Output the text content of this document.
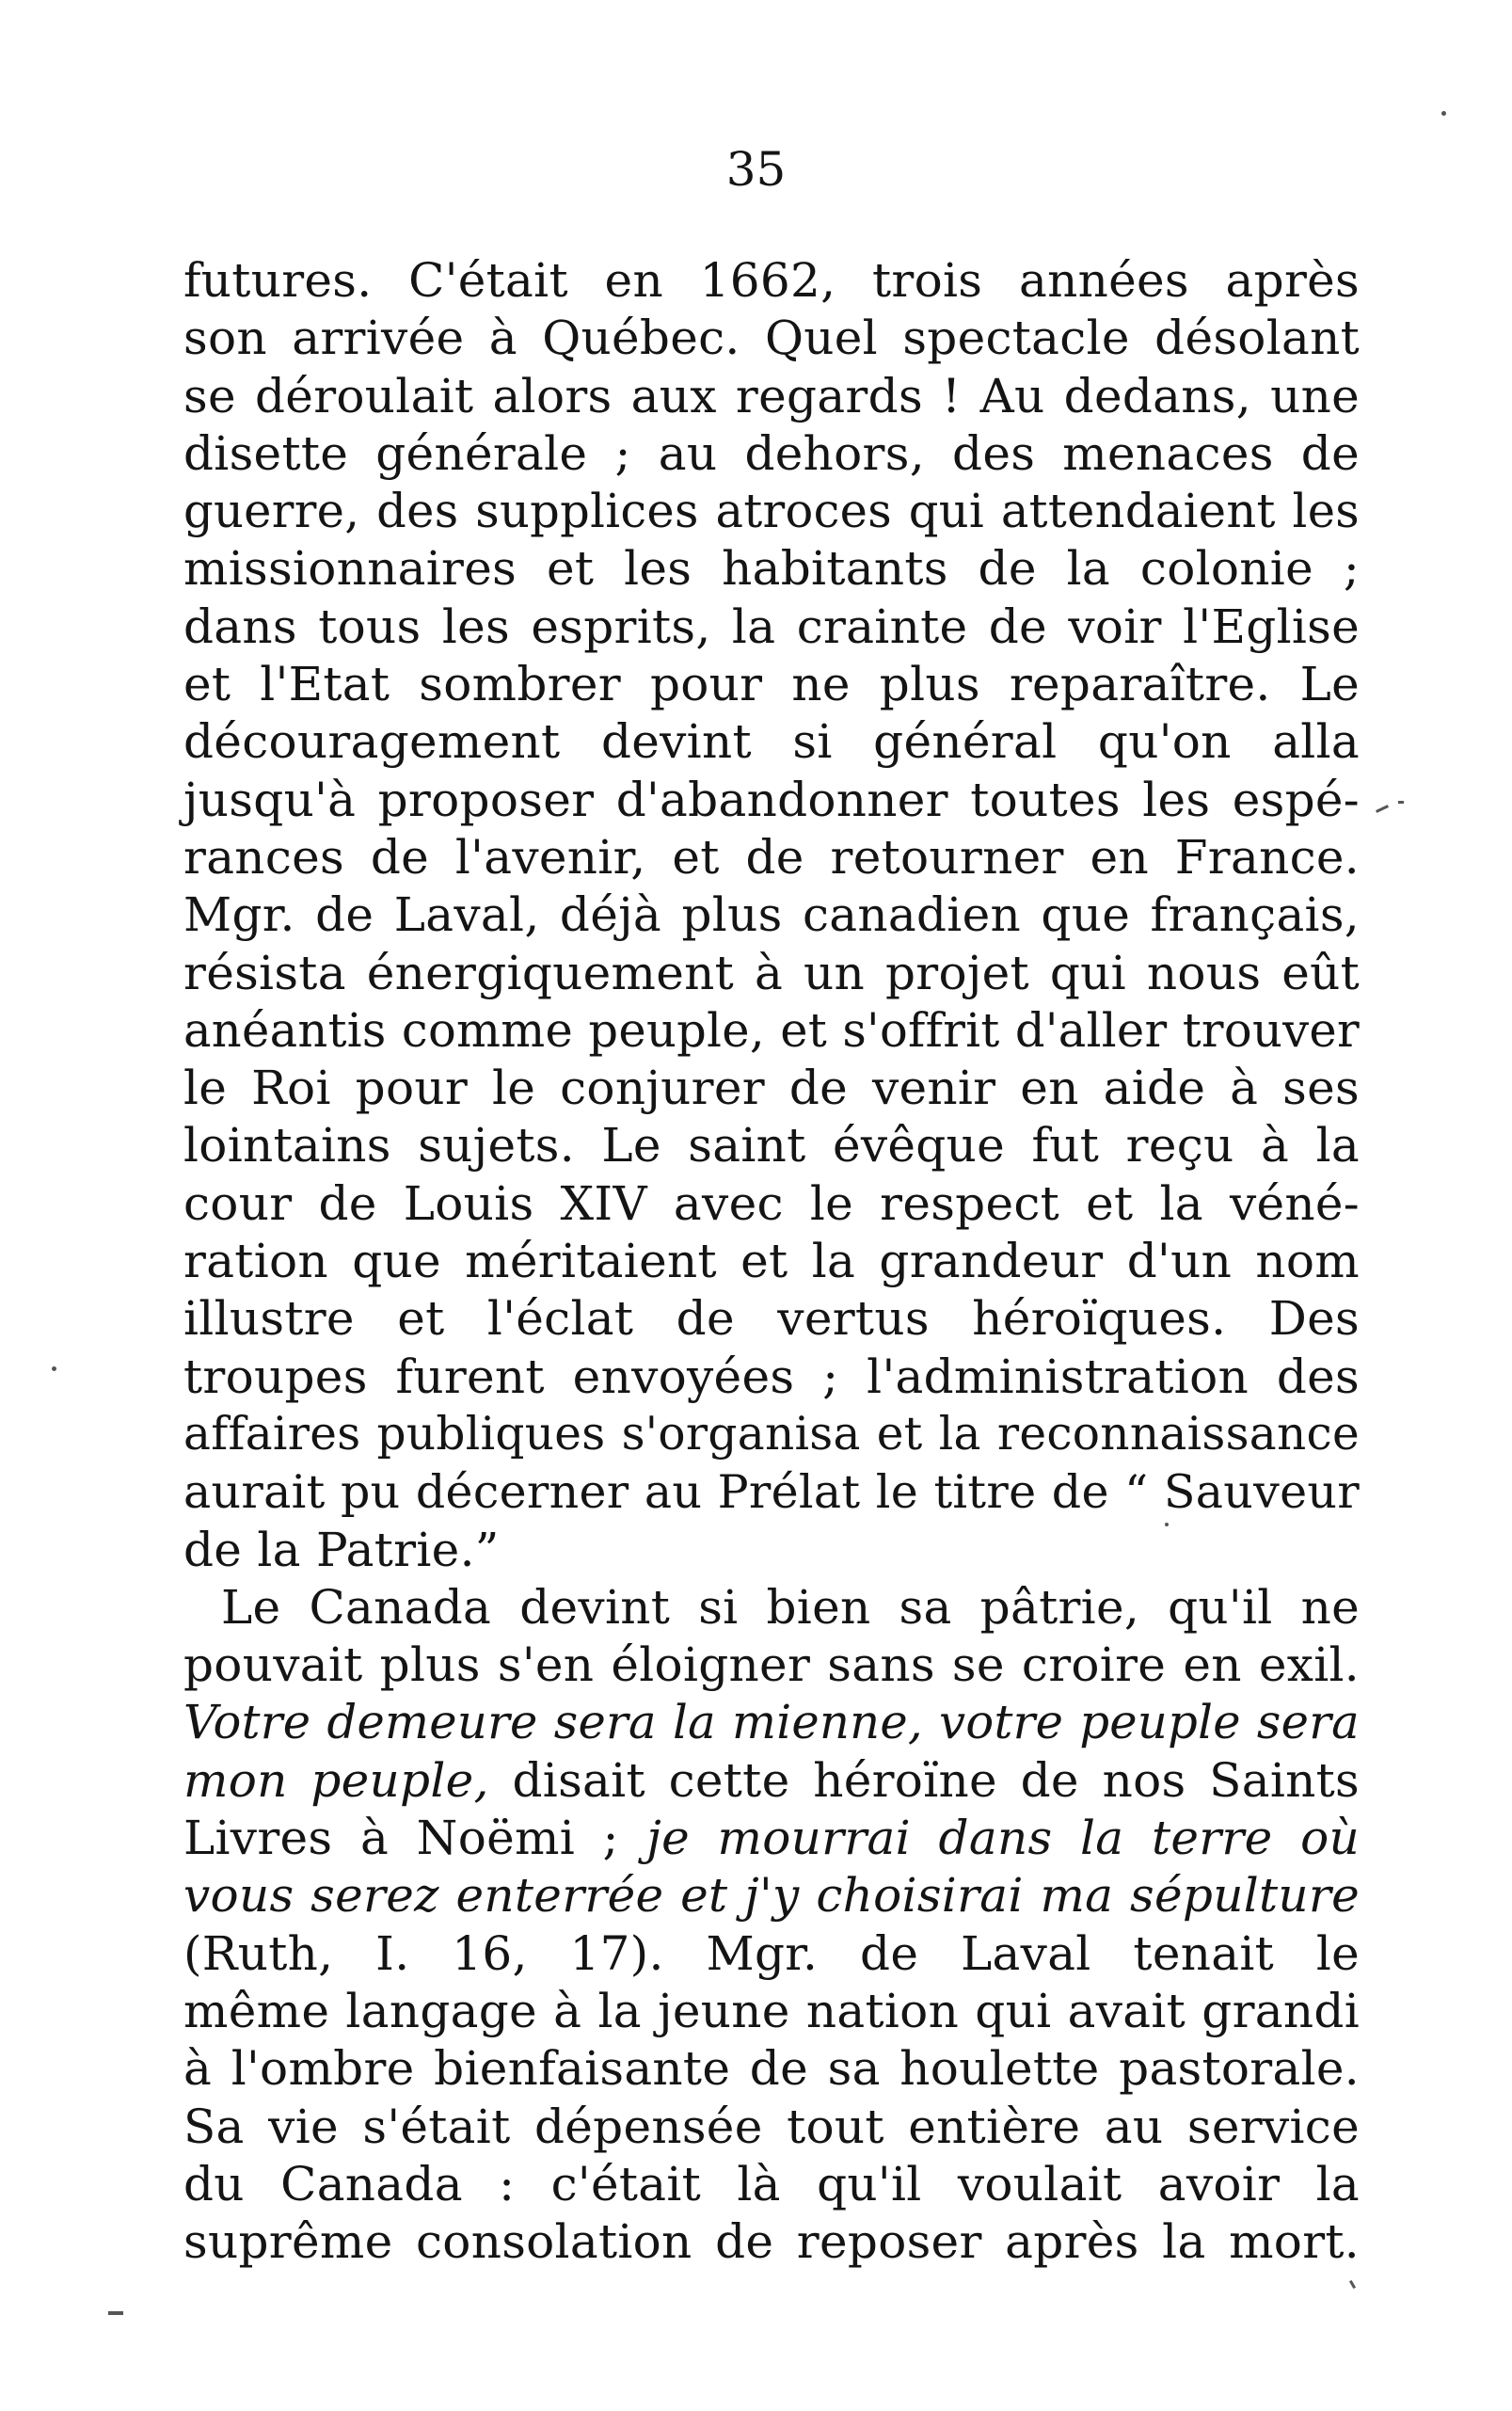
35
futures. C'était en 1662, trois années après
son arrivée à Québec. Quel spectacle désolant
se déroulait alors aux regards ! Au dedans, une
disette générale ; au dehors, des menaces de
guerre, des supplices atroces qui attendaient les
missionnaires et les habitants de la colonie ;
dans tous les esprits, la crainte de voir l'Eglise
et l'Etat sombrer pour ne plus reparaître. Le
découragement devint si général qu'on alla
jusqu'à proposer d'abandonner toutes les espé-
rances de l'avenir, et de retourner en France.
Mgr. de Laval, déjà plus canadien que français,
résista énergiquement à un projet qui nous eût
anéantis comme peuple, et s'offrit d'aller trouver
le Roi pour le conjurer de venir en aide à ses
lointains sujets. Le saint évêque fut reçu à la
cour de Louis XIV avec le respect et la véné-
ration que méritaient et la grandeur d'un nom
illustre et l'éclat de vertus héroïques. Des
troupes furent envoyées ; l'administration des
affaires publiques s'organisa et la reconnaissance
aurait pu décerner au Prélat le titre de “ Sauveur
de la Patrie.”
Le Canada devint si bien sa pâtrie, qu'il ne
pouvait plus s'en éloigner sans se croire en exil.
Votre demeure sera la mienne, votre peuple sera
mon peuple, disait cette héroïne de nos Saints
Livres à Noëmi ; je mourrai dans la terre où
vous serez enterrée et j'y choisirai ma sépulture
(Ruth, I. 16, 17). Mgr. de Laval tenait le
même langage à la jeune nation qui avait grandi
à l'ombre bienfaisante de sa houlette pastorale.
Sa vie s'était dépensée tout entière au service
du Canada : c'était là qu'il voulait avoir la
suprême consolation de reposer après la mort.
